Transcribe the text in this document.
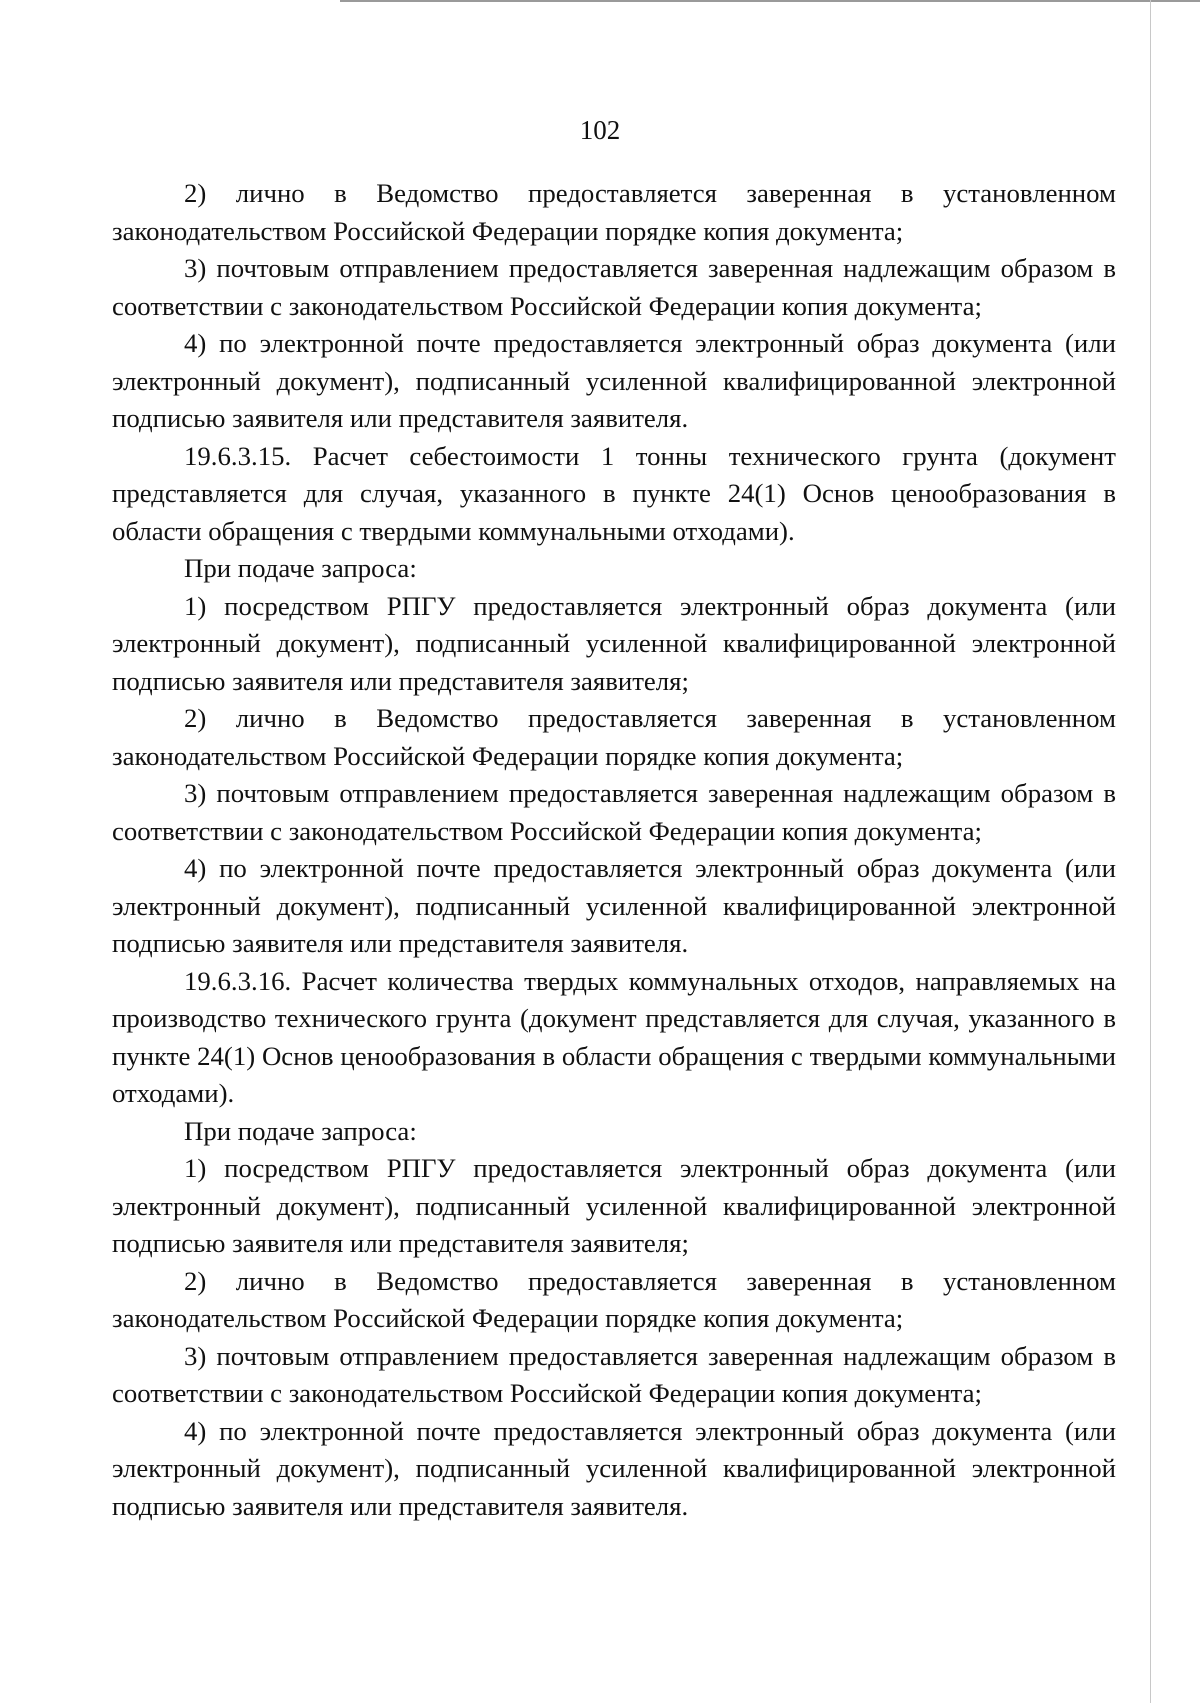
102

2) лично в Ведомство предоставляется заверенная в установленном законодательством Российской Федерации порядке копия документа;

3) почтовым отправлением предоставляется заверенная надлежащим образом в соответствии с законодательством Российской Федерации копия документа;

4) по электронной почте предоставляется электронный образ документа (или электронный документ), подписанный усиленной квалифицированной электронной подписью заявителя или представителя заявителя.

19.6.3.15. Расчет себестоимости 1 тонны технического грунта (документ представляется для случая, указанного в пункте 24(1) Основ ценообразования в области обращения с твердыми коммунальными отходами).

При подаче запроса:

1) посредством РПГУ предоставляется электронный образ документа (или электронный документ), подписанный усиленной квалифицированной электронной подписью заявителя или представителя заявителя;

2) лично в Ведомство предоставляется заверенная в установленном законодательством Российской Федерации порядке копия документа;

3) почтовым отправлением предоставляется заверенная надлежащим образом в соответствии с законодательством Российской Федерации копия документа;

4) по электронной почте предоставляется электронный образ документа (или электронный документ), подписанный усиленной квалифицированной электронной подписью заявителя или представителя заявителя.

19.6.3.16. Расчет количества твердых коммунальных отходов, направляемых на производство технического грунта (документ представляется для случая, указанного в пункте 24(1) Основ ценообразования в области обращения с твердыми коммунальными отходами).

При подаче запроса:

1) посредством РПГУ предоставляется электронный образ документа (или электронный документ), подписанный усиленной квалифицированной электронной подписью заявителя или представителя заявителя;

2) лично в Ведомство предоставляется заверенная в установленном законодательством Российской Федерации порядке копия документа;

3) почтовым отправлением предоставляется заверенная надлежащим образом в соответствии с законодательством Российской Федерации копия документа;

4) по электронной почте предоставляется электронный образ документа (или электронный документ), подписанный усиленной квалифицированной электронной подписью заявителя или представителя заявителя.
